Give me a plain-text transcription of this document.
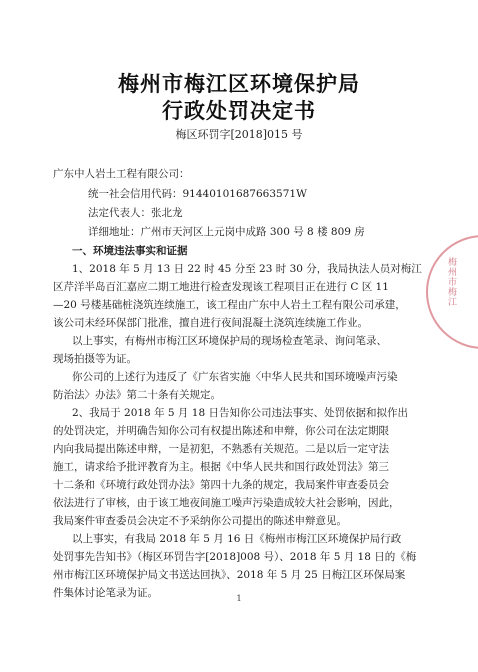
梅州市梅江区环境保护局
行政处罚决定书
梅区环罚字[2018]015 号
广东中人岩土工程有限公司：
统一社会信用代码：91440101687663571W
法定代表人：张北龙
详细地址：广州市天河区上元岗中成路 300 号 8 楼 809 房
一、环境违法事实和证据
1、2018 年 5 月 13 日 22 时 45 分至 23 时 30 分，我局执法人员对梅江
区芹洋半岛百汇嘉应二期工地进行检查发现该工程项目正在进行 C 区 11
—20 号楼基础桩浇筑连续施工，该工程由广东中人岩土工程有限公司承建，
该公司未经环保部门批准，擅自进行夜间混凝土浇筑连续施工作业。
以上事实，有梅州市梅江区环境保护局的现场检查笔录、询问笔录、
现场拍摄等为证。
你公司的上述行为违反了《广东省实施〈中华人民共和国环境噪声污染
防治法〉办法》第二十条有关规定。
2、我局于 2018 年 5 月 18 日告知你公司违法事实、处罚依据和拟作出
的处罚决定，并明确告知你公司有权提出陈述和申辩，你公司在法定期限
内向我局提出陈述申辩，一是初犯，不熟悉有关规范。二是以后一定守法
施工，请求给予批评教育为主。根据《中华人民共和国行政处罚法》第三
十二条和《环境行政处罚办法》第四十九条的规定，我局案件审查委员会
依法进行了审核，由于该工地夜间施工噪声污染造成较大社会影响，因此，
我局案件审查委员会决定不予采纳你公司提出的陈述申辩意见。
以上事实，有我局 2018 年 5 月 16 日《梅州市梅江区环境保护局行政
处罚事先告知书》（梅区环罚告字[2018]008 号）、2018 年 5 月 18 日的《梅
州市梅江区环境保护局文书送达回执》、2018 年 5 月 25 日梅江区环保局案
件集体讨论笔录为证。
梅州市梅江
1
